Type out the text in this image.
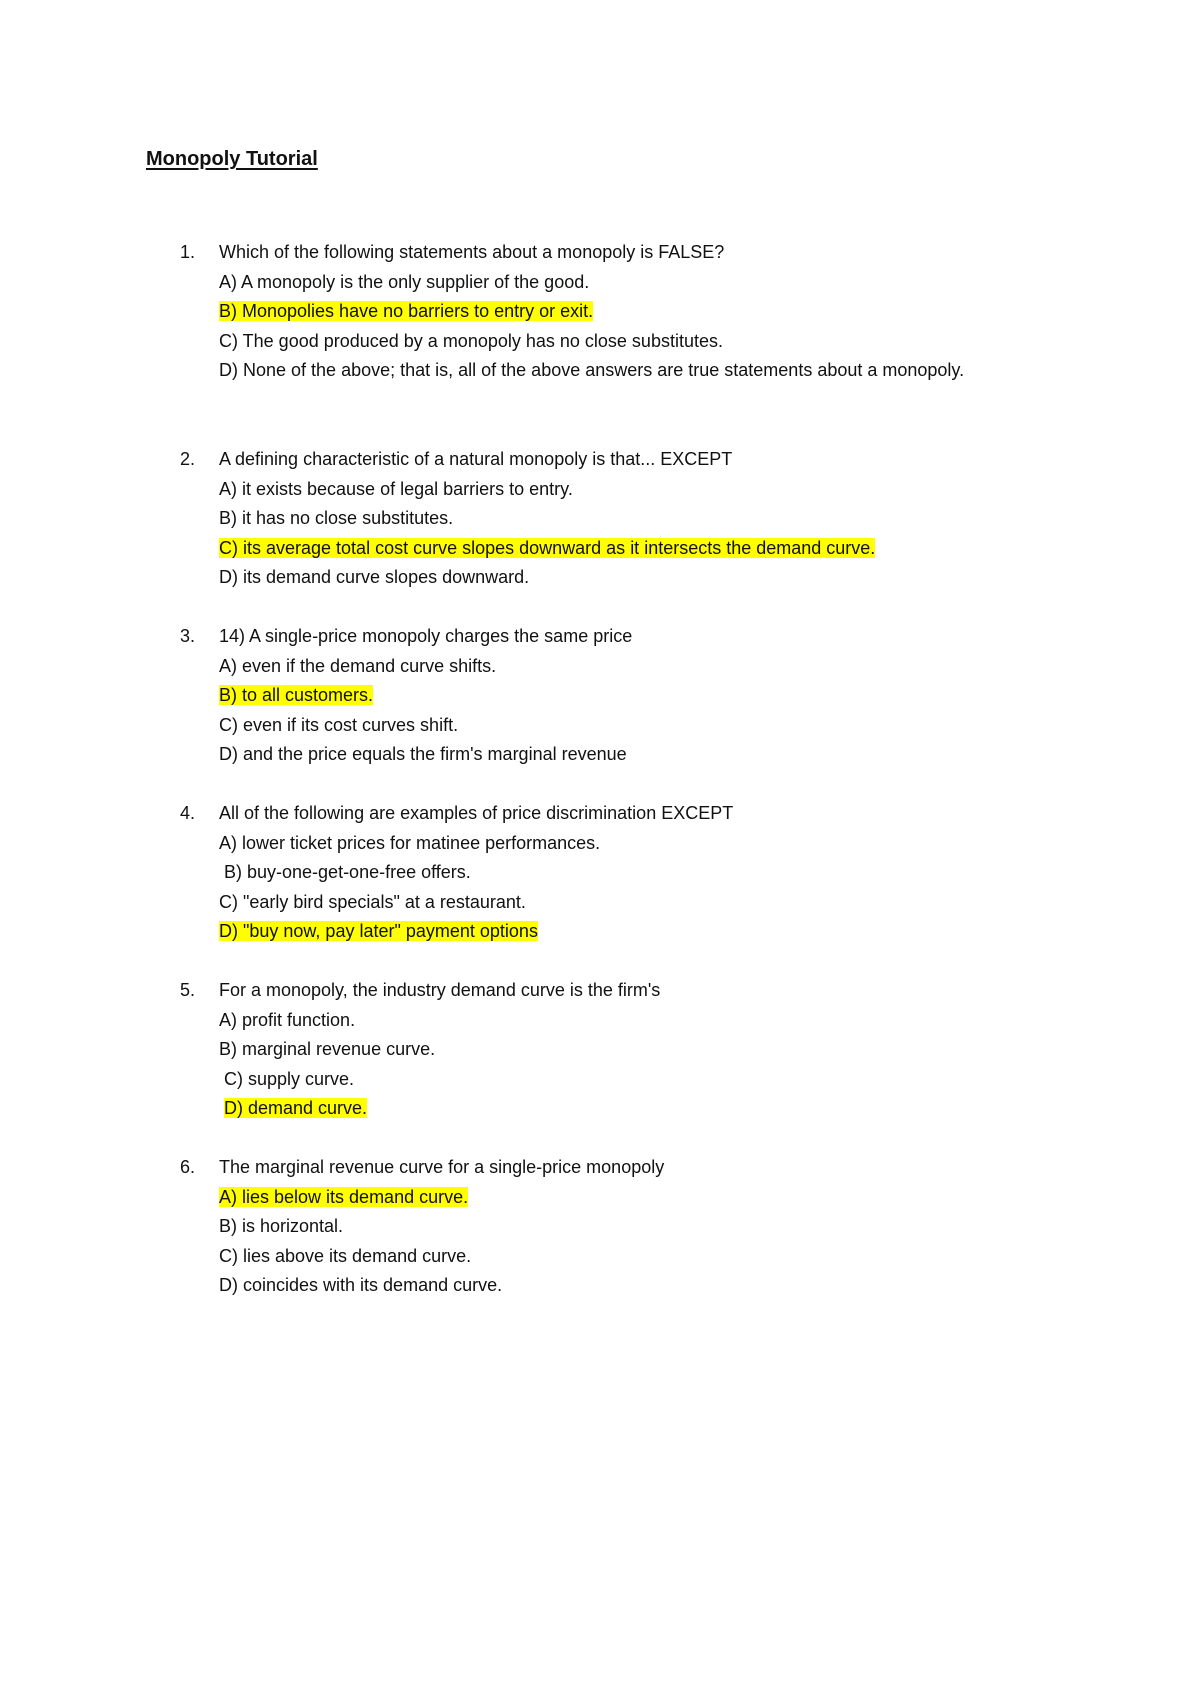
Monopoly Tutorial
1. Which of the following statements about a monopoly is FALSE?
A) A monopoly is the only supplier of the good.
B) Monopolies have no barriers to entry or exit.
C) The good produced by a monopoly has no close substitutes.
D) None of the above; that is, all of the above answers are true statements about a monopoly.
2. A defining characteristic of a natural monopoly is that... EXCEPT
A) it exists because of legal barriers to entry.
B) it has no close substitutes.
C) its average total cost curve slopes downward as it intersects the demand curve.
D) its demand curve slopes downward.
3. 14) A single-price monopoly charges the same price
A) even if the demand curve shifts.
B) to all customers.
C) even if its cost curves shift.
D) and the price equals the firm's marginal revenue
4. All of the following are examples of price discrimination EXCEPT
A) lower ticket prices for matinee performances.
B) buy-one-get-one-free offers.
C) "early bird specials" at a restaurant.
D) "buy now, pay later" payment options
5. For a monopoly, the industry demand curve is the firm's
A) profit function.
B) marginal revenue curve.
C) supply curve.
D) demand curve.
6. The marginal revenue curve for a single-price monopoly
A) lies below its demand curve.
B) is horizontal.
C) lies above its demand curve.
D) coincides with its demand curve.
